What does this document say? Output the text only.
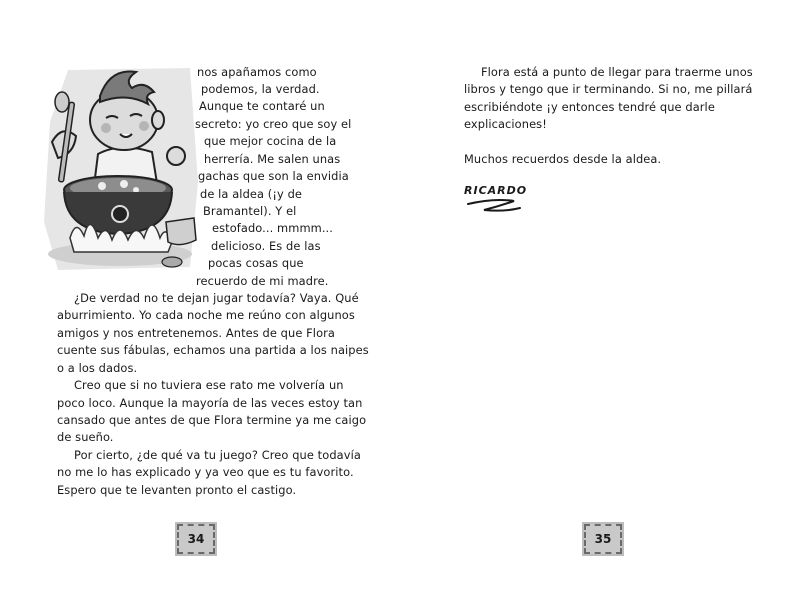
nos apañamos como
podemos, la verdad.
Aunque te contaré un
secreto: yo creo que soy el
que mejor cocina de la
herrería. Me salen unas
gachas que son la envidia
de la aldea (¡y de
Bramantel). Y el
estofado... mmmm...
delicioso. Es de las
pocas cosas que
recuerdo de mi madre.
¿De verdad no te dejan jugar todavía? Vaya. Qué
aburrimiento. Yo cada noche me reúno con algunos
amigos y nos entretenemos. Antes de que Flora
cuente sus fábulas, echamos una partida a los naipes
o a los dados.
Creo que si no tuviera ese rato me volvería un
poco loco. Aunque la mayoría de las veces estoy tan
cansado que antes de que Flora termine ya me caigo
de sueño.
Por cierto, ¿de qué va tu juego? Creo que todavía
no me lo has explicado y ya veo que es tu favorito.
Espero que te levanten pronto el castigo.
34
Flora está a punto de llegar para traerme unos
libros y tengo que ir terminando. Si no, me pillará
escribiéndote ¡y entonces tendré que darle
explicaciones!
Muchos recuerdos desde la aldea.
RICARDO
35
